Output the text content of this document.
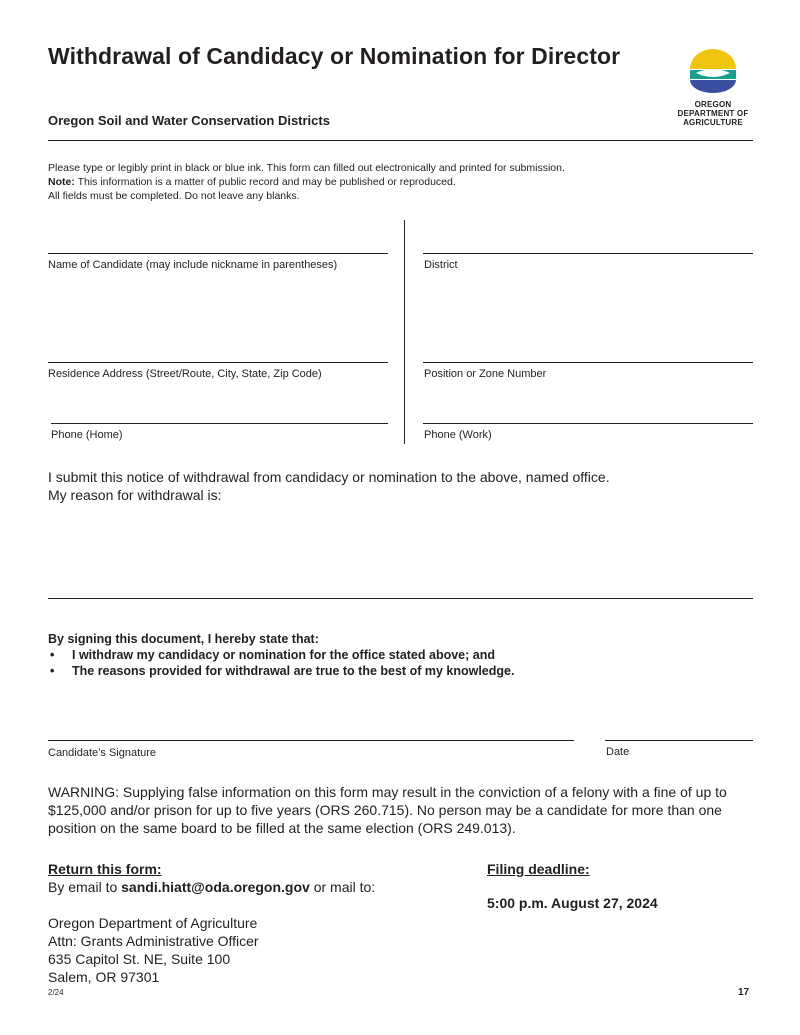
Withdrawal of Candidacy or Nomination for Director
Oregon Soil and Water Conservation Districts
OREGON
DEPARTMENT OF
AGRICULTURE
Please type or legibly print in black or blue ink. This form can filled out electronically and printed for submission.
Note: This information is a matter of public record and may be published or reproduced.
All fields must be completed. Do not leave any blanks.
Name of Candidate (may include nickname in parentheses)	District
Residence Address (Street/Route, City, State, Zip Code)	Position or Zone Number
Phone (Home)	Phone (Work)
I submit this notice of withdrawal from candidacy or nomination to the above, named office.
My reason for withdrawal is:
By signing this document, I hereby state that:
• I withdraw my candidacy or nomination for the office stated above; and
• The reasons provided for withdrawal are true to the best of my knowledge.
Candidate’s Signature	Date
WARNING: Supplying false information on this form may result in the conviction of a felony with a fine of up to $125,000 and/or prison for up to five years (ORS 260.715). No person may be a candidate for more than one position on the same board to be filled at the same election (ORS 249.013).
Return this form:
By email to sandi.hiatt@oda.oregon.gov or mail to:
Oregon Department of Agriculture
Attn: Grants Administrative Officer
635 Capitol St. NE, Suite 100
Salem, OR 97301
Filing deadline:
5:00 p.m. August 27, 2024
2/24	17
